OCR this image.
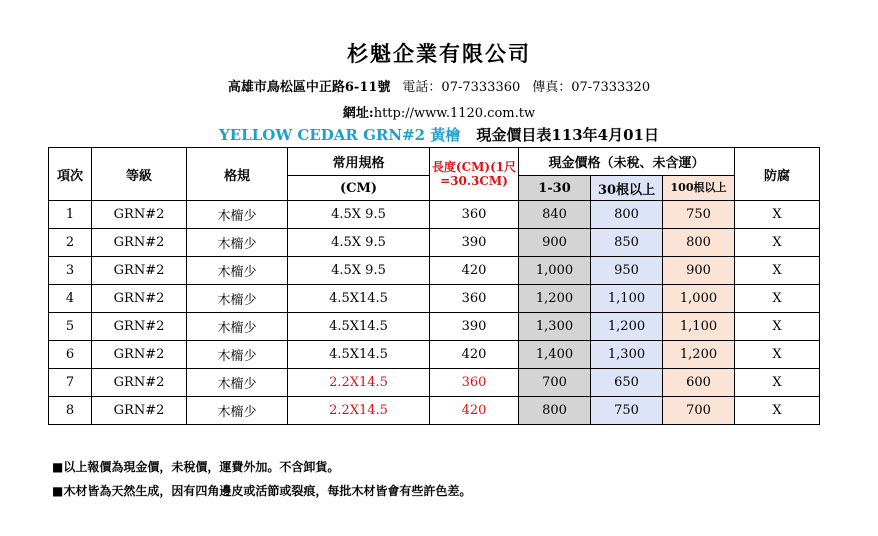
杉魁企業有限公司
高雄市鳥松區中正路6-11號 電話：07-7333360 傳真：07-7333320
網址:http://www.1120.com.tw
YELLOW CEDAR GRN#2 黃檜 現金價目表113年4月01日
項次	等級	格規	常用規格	長度(CM)(1尺=30.3CM)	現金價格（未稅、未含運）			防腐
			(CM)		1-30	30根以上	100根以上	
1	GRN#2	木橣少	4.5X 9.5	360	840	800	750	X
2	GRN#2	木橣少	4.5X 9.5	390	900	850	800	X
3	GRN#2	木橣少	4.5X 9.5	420	1,000	950	900	X
4	GRN#2	木橣少	4.5X14.5	360	1,200	1,100	1,000	X
5	GRN#2	木橣少	4.5X14.5	390	1,300	1,200	1,100	X
6	GRN#2	木橣少	4.5X14.5	420	1,400	1,300	1,200	X
7	GRN#2	木橣少	2.2X14.5	360	700	650	600	X
8	GRN#2	木橣少	2.2X14.5	420	800	750	700	X
■以上報價為現金價，未稅價，運費外加。不含卸貨。
■木材皆為天然生成，因有四角邊皮或活節或裂痕，每批木材皆會有些許色差。
